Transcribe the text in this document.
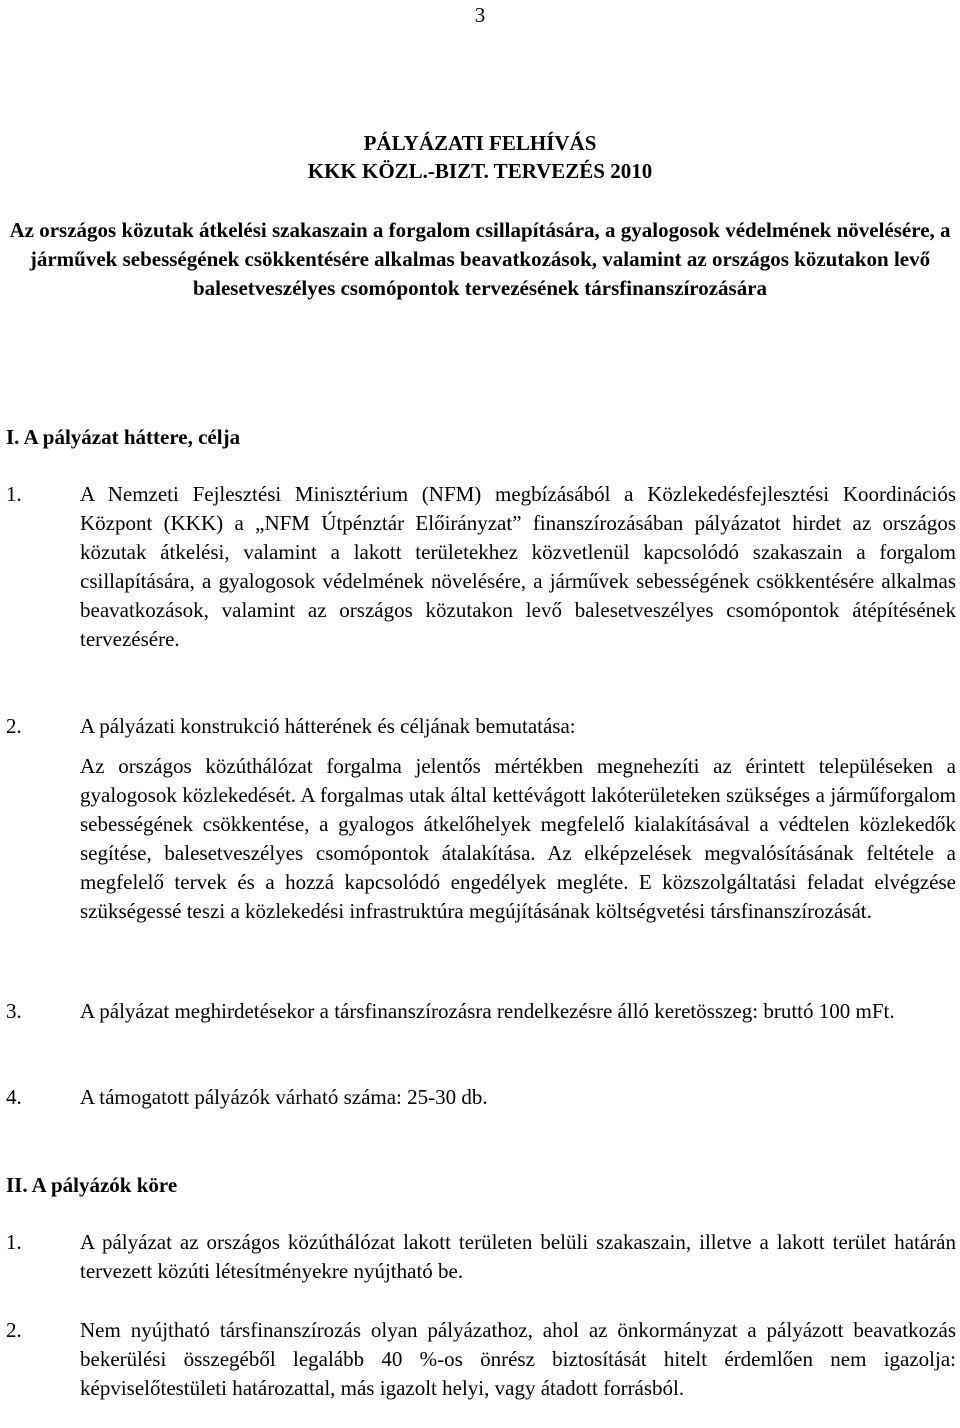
3
PÁLYÁZATI FELHÍVÁS
KKK KÖZL.-BIZT. TERVEZÉS 2010
Az országos közutak átkelési szakaszain a forgalom csillapítására, a gyalogosok védelmének növelésére, a járművek sebességének csökkentésére alkalmas beavatkozások, valamint az országos közutakon levő balesetveszélyes csomópontok tervezésének társfinanszírozására
I. A pályázat háttere, célja
1.	A Nemzeti Fejlesztési Minisztérium (NFM) megbízásából a Közlekedésfejlesztési Koordinációs Központ (KKK) a „NFM Útpénztár Előirányzat” finanszírozásában pályázatot hirdet az országos közutak átkelési, valamint a lakott területekhez közvetlenül kapcsolódó szakaszain a forgalom csillapítására, a gyalogosok védelmének növelésére, a járművek sebességének csökkentésére alkalmas beavatkozások, valamint az országos közutakon levő balesetveszélyes csomópontok átépítésének tervezésére.
2.	A pályázati konstrukció hátterének és céljának bemutatása:
Az országos közúthálózat forgalma jelentős mértékben megnehezíti az érintett településeken a gyalogosok közlekedését. A forgalmas utak által kettévágott lakóterületeken szükséges a járműforgalom sebességének csökkentése, a gyalogos átkelőhelyek megfelelő kialakításával a védtelen közlekedők segítése, balesetveszélyes csomópontok átalakítása. Az elképzelések megvalósításának feltétele a megfelelő tervek és a hozzá kapcsolódó engedélyek megléte. E közszolgáltatási feladat elvégzése szükségessé teszi a közlekedési infrastruktúra megújításának költségvetési társfinanszírozását.
3.	A pályázat meghirdetésekor a társfinanszírozásra rendelkezésre álló keretösszeg: bruttó 100 mFt.
4.	A támogatott pályázók várható száma: 25-30 db.
II. A pályázók köre
1.	A pályázat az országos közúthálózat lakott területen belüli szakaszain, illetve a lakott terület határán tervezett közúti létesítményekre nyújtható be.
2.	Nem nyújtható társfinanszírozás olyan pályázathoz, ahol az önkormányzat a pályázott beavatkozás bekerülési összegéből legalább 40 %-os önrész biztosítását hitelt érdemlően nem igazolja: képviselőtestületi határozattal, más igazolt helyi, vagy átadott forrásból.
